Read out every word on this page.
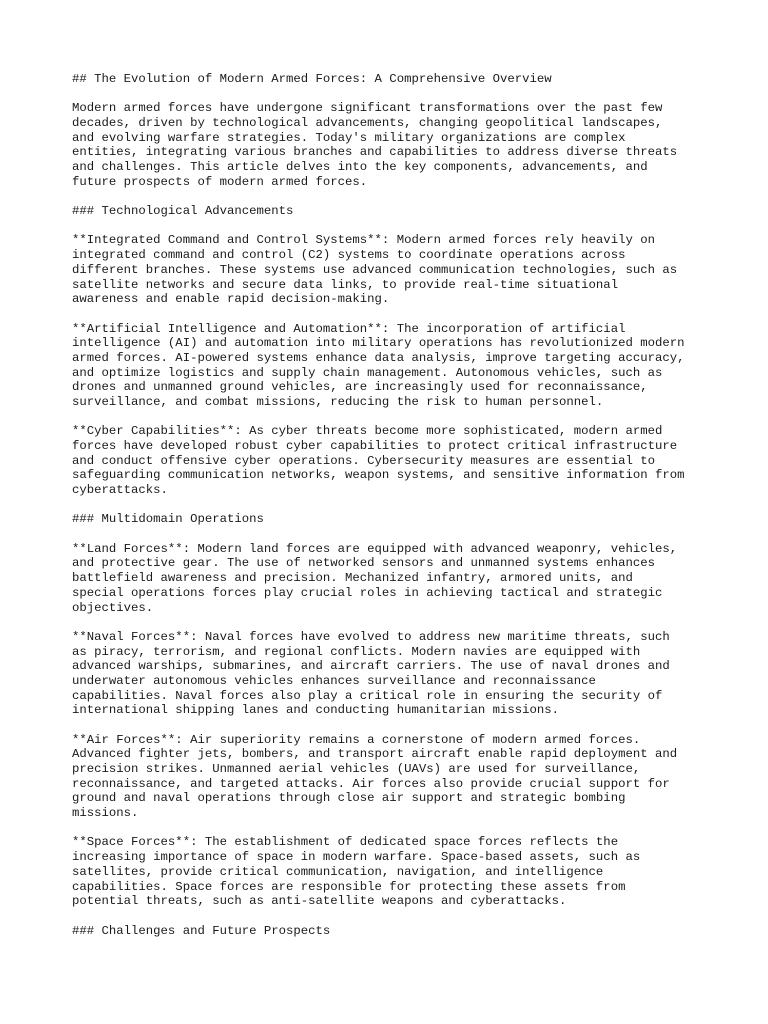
## The Evolution of Modern Armed Forces: A Comprehensive Overview
Modern armed forces have undergone significant transformations over the past few
decades, driven by technological advancements, changing geopolitical landscapes,
and evolving warfare strategies. Today's military organizations are complex
entities, integrating various branches and capabilities to address diverse threats
and challenges. This article delves into the key components, advancements, and
future prospects of modern armed forces.
### Technological Advancements
**Integrated Command and Control Systems**: Modern armed forces rely heavily on
integrated command and control (C2) systems to coordinate operations across
different branches. These systems use advanced communication technologies, such as
satellite networks and secure data links, to provide real-time situational
awareness and enable rapid decision-making.
**Artificial Intelligence and Automation**: The incorporation of artificial
intelligence (AI) and automation into military operations has revolutionized modern
armed forces. AI-powered systems enhance data analysis, improve targeting accuracy,
and optimize logistics and supply chain management. Autonomous vehicles, such as
drones and unmanned ground vehicles, are increasingly used for reconnaissance,
surveillance, and combat missions, reducing the risk to human personnel.
**Cyber Capabilities**: As cyber threats become more sophisticated, modern armed
forces have developed robust cyber capabilities to protect critical infrastructure
and conduct offensive cyber operations. Cybersecurity measures are essential to
safeguarding communication networks, weapon systems, and sensitive information from
cyberattacks.
### Multidomain Operations
**Land Forces**: Modern land forces are equipped with advanced weaponry, vehicles,
and protective gear. The use of networked sensors and unmanned systems enhances
battlefield awareness and precision. Mechanized infantry, armored units, and
special operations forces play crucial roles in achieving tactical and strategic
objectives.
**Naval Forces**: Naval forces have evolved to address new maritime threats, such
as piracy, terrorism, and regional conflicts. Modern navies are equipped with
advanced warships, submarines, and aircraft carriers. The use of naval drones and
underwater autonomous vehicles enhances surveillance and reconnaissance
capabilities. Naval forces also play a critical role in ensuring the security of
international shipping lanes and conducting humanitarian missions.
**Air Forces**: Air superiority remains a cornerstone of modern armed forces.
Advanced fighter jets, bombers, and transport aircraft enable rapid deployment and
precision strikes. Unmanned aerial vehicles (UAVs) are used for surveillance,
reconnaissance, and targeted attacks. Air forces also provide crucial support for
ground and naval operations through close air support and strategic bombing
missions.
**Space Forces**: The establishment of dedicated space forces reflects the
increasing importance of space in modern warfare. Space-based assets, such as
satellites, provide critical communication, navigation, and intelligence
capabilities. Space forces are responsible for protecting these assets from
potential threats, such as anti-satellite weapons and cyberattacks.
### Challenges and Future Prospects
